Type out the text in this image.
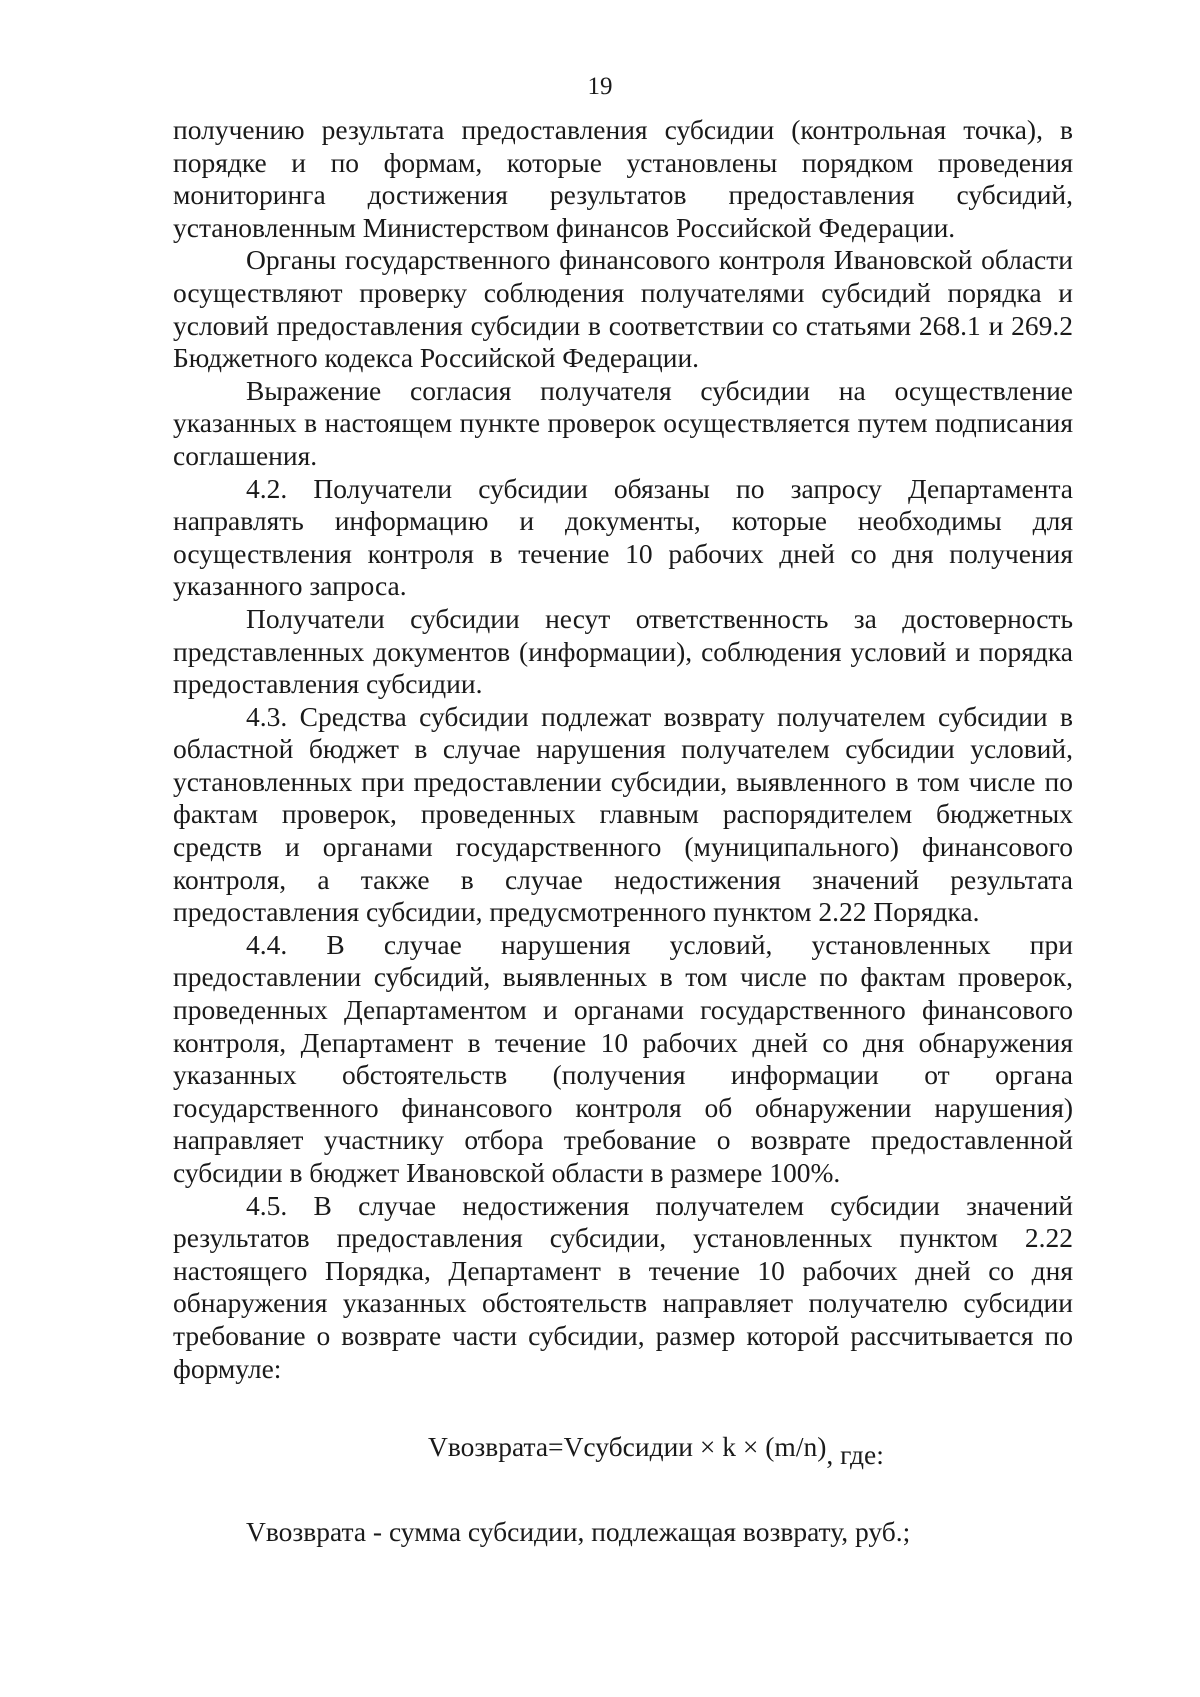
19

получению результата предоставления субсидии (контрольная точка), в порядке и по формам, которые установлены порядком проведения мониторинга достижения результатов предоставления субсидий, установленным Министерством финансов Российской Федерации.

Органы государственного финансового контроля Ивановской области осуществляют проверку соблюдения получателями субсидий порядка и условий предоставления субсидии в соответствии со статьями 268.1 и 269.2 Бюджетного кодекса Российской Федерации.

Выражение согласия получателя субсидии на осуществление указанных в настоящем пункте проверок осуществляется путем подписания соглашения.

4.2. Получатели субсидии обязаны по запросу Департамента направлять информацию и документы, которые необходимы для осуществления контроля в течение 10 рабочих дней со дня получения указанного запроса.

Получатели субсидии несут ответственность за достоверность представленных документов (информации), соблюдения условий и порядка предоставления субсидии.

4.3. Средства субсидии подлежат возврату получателем субсидии в областной бюджет в случае нарушения получателем субсидии условий, установленных при предоставлении субсидии, выявленного в том числе по фактам проверок, проведенных главным распорядителем бюджетных средств и органами государственного (муниципального) финансового контроля, а также в случае недостижения значений результата предоставления субсидии, предусмотренного пунктом 2.22 Порядка.

4.4. В случае нарушения условий, установленных при предоставлении субсидий, выявленных в том числе по фактам проверок, проведенных Департаментом и органами государственного финансового контроля, Департамент в течение 10 рабочих дней со дня обнаружения указанных обстоятельств (получения информации от органа государственного финансового контроля об обнаружении нарушения) направляет участнику отбора требование о возврате предоставленной субсидии в бюджет Ивановской области в размере 100%.

4.5. В случае недостижения получателем субсидии значений результатов предоставления субсидии, установленных пунктом 2.22 настоящего Порядка, Департамент в течение 10 рабочих дней со дня обнаружения указанных обстоятельств направляет получателю субсидии требование о возврате части субсидии, размер которой рассчитывается по формуле:

Vвозврата=Vсубсидии × k × (m/n), где:

Vвозврата - сумма субсидии, подлежащая возврату, руб.;
